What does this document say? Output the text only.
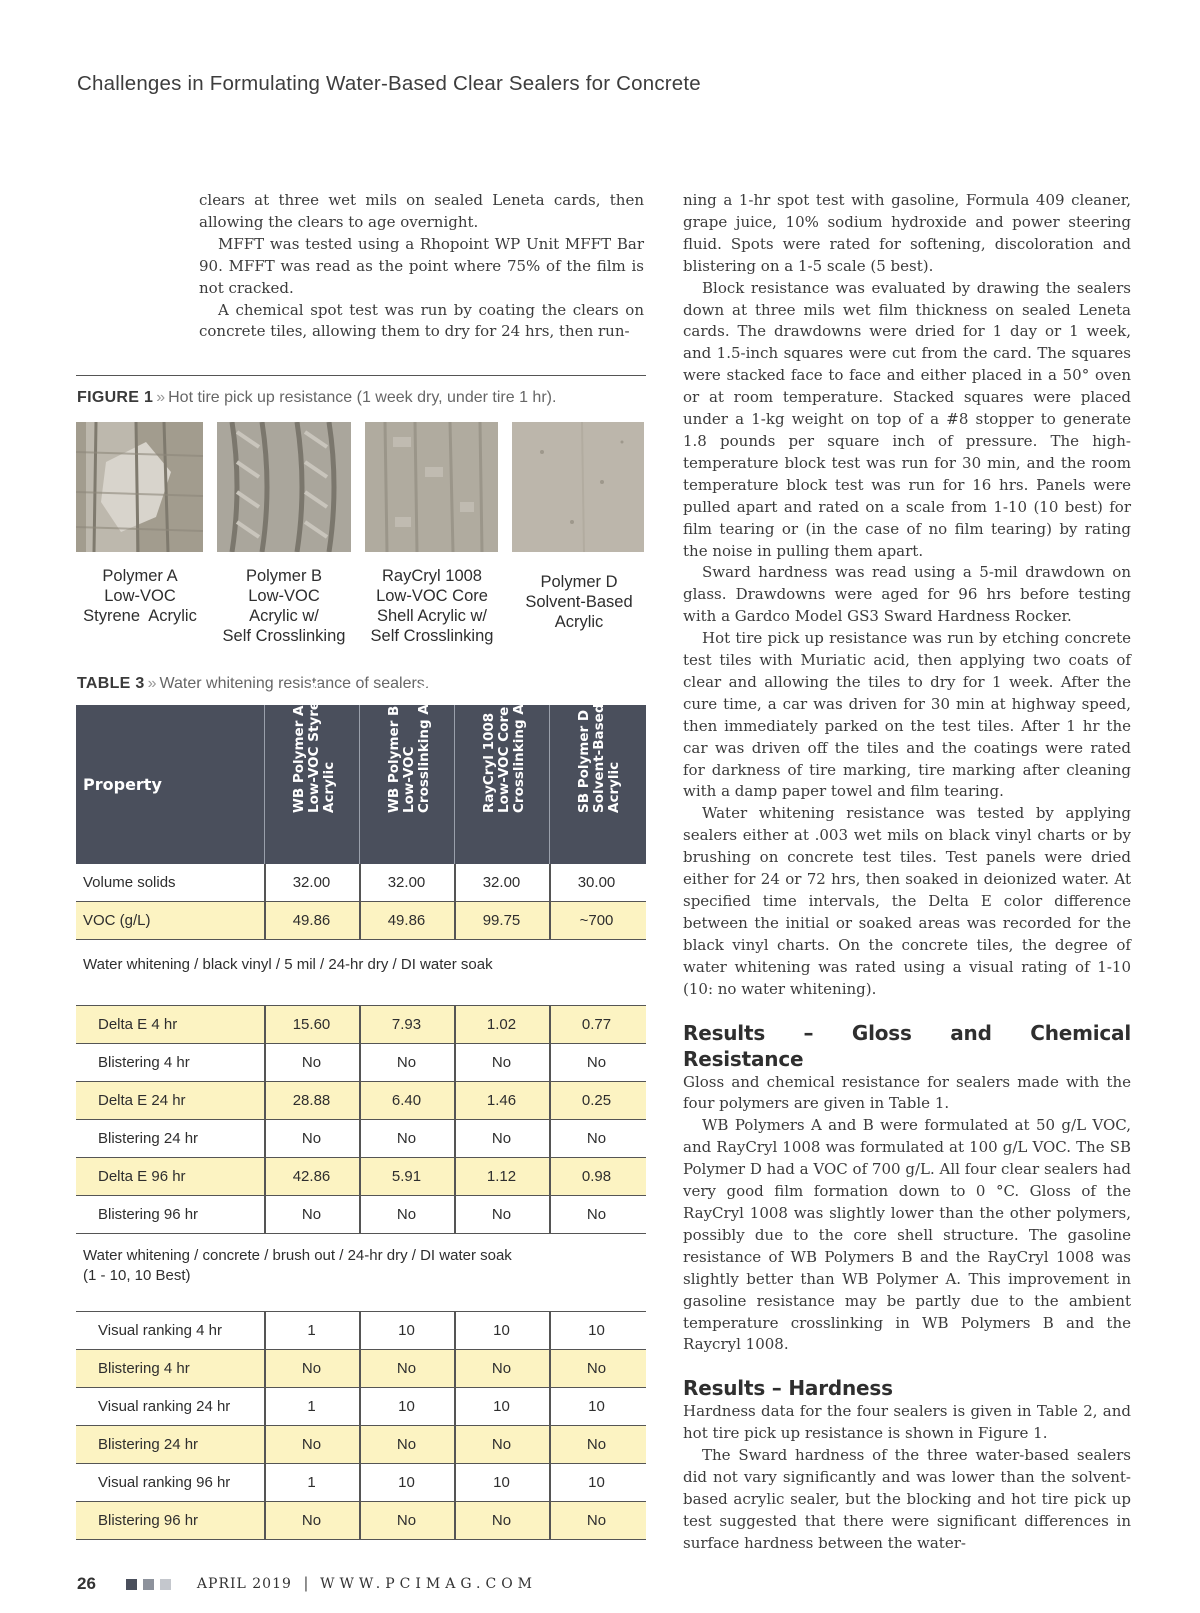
Challenges in Formulating Water-Based Clear Sealers for Concrete

clears at three wet mils on sealed Leneta cards, then allowing the clears to age overnight.

MFFT was tested using a Rhopoint WP Unit MFFT Bar 90. MFFT was read as the point where 75% of the film is not cracked.

A chemical spot test was run by coating the clears on concrete tiles, allowing them to dry for 24 hrs, then run-

FIGURE 1 » Hot tire pick up resistance (1 week dry, under tire 1 hr).
Polymer A
Low-VOC
Styrene  Acrylic
Polymer B
Low-VOC
Acrylic w/
Self Crosslinking
RayCryl 1008
Low-VOC Core
Shell Acrylic w/
Self Crosslinking
Polymer D
Solvent-Based
Acrylic
TABLE 3 » Water whitening resistance of sealers.
Property	WB Polymer A Low-VOC Styrene Acrylic	WB Polymer B Low-VOC Crosslinking Acrylic	RayCryl 1008 Low-VOC Core Shell Crosslinking Acrylic	SB Polymer D Solvent-Based Acrylic
Volume solids	32.00	32.00	32.00	30.00
VOC (g/L)	49.86	49.86	99.75	~700
Water whitening / black vinyl / 5 mil / 24-hr dry / DI water soak
Delta E 4 hr	15.60	7.93	1.02	0.77
Blistering 4 hr	No	No	No	No
Delta E 24 hr	28.88	6.40	1.46	0.25
Blistering 24 hr	No	No	No	No
Delta E 96 hr	42.86	5.91	1.12	0.98
Blistering 96 hr	No	No	No	No
Water whitening / concrete / brush out / 24-hr dry / DI water soak
(1 - 10, 10 Best)
Visual ranking 4 hr	1	10	10	10
Blistering 4 hr	No	No	No	No
Visual ranking 24 hr	1	10	10	10
Blistering 24 hr	No	No	No	No
Visual ranking 96 hr	1	10	10	10
Blistering 96 hr	No	No	No	No

ning a 1-hr spot test with gasoline, Formula 409 cleaner, grape juice, 10% sodium hydroxide and power steering fluid. Spots were rated for softening, discoloration and blistering on a 1-5 scale (5 best).

Block resistance was evaluated by drawing the sealers down at three mils wet film thickness on sealed Leneta cards. The drawdowns were dried for 1 day or 1 week, and 1.5-inch squares were cut from the card. The squares were stacked face to face and either placed in a 50° oven or at room temperature. Stacked squares were placed under a 1-kg weight on top of a #8 stopper to generate 1.8 pounds per square inch of pressure. The high-temperature block test was run for 30 min, and the room temperature block test was run for 16 hrs. Panels were pulled apart and rated on a scale from 1-10 (10 best) for film tearing or (in the case of no film tearing) by rating the noise in pulling them apart.

Sward hardness was read using a 5-mil drawdown on glass. Drawdowns were aged for 96 hrs before testing with a Gardco Model GS3 Sward Hardness Rocker.

Hot tire pick up resistance was run by etching concrete test tiles with Muriatic acid, then applying two coats of clear and allowing the tiles to dry for 1 week. After the cure time, a car was driven for 30 min at highway speed, then immediately parked on the test tiles. After 1 hr the car was driven off the tiles and the coatings were rated for darkness of tire marking, tire marking after cleaning with a damp paper towel and film tearing.

Water whitening resistance was tested by applying sealers either at .003 wet mils on black vinyl charts or by brushing on concrete test tiles. Test panels were dried either for 24 or 72 hrs, then soaked in deionized water. At specified time intervals, the Delta E color difference between the initial or soaked areas was recorded for the black vinyl charts. On the concrete tiles, the degree of water whitening was rated using a visual rating of 1-10 (10: no water whitening).

Results – Gloss and Chemical Resistance

Gloss and chemical resistance for sealers made with the four polymers are given in Table 1.

WB Polymers A and B were formulated at 50 g/L VOC, and RayCryl 1008 was formulated at 100 g/L VOC. The SB Polymer D had a VOC of 700 g/L. All four clear sealers had very good film formation down to 0 °C. Gloss of the RayCryl 1008 was slightly lower than the other polymers, possibly due to the core shell structure. The gasoline resistance of WB Polymers B and the RayCryl 1008 was slightly better than WB Polymer A. This improvement in gasoline resistance may be partly due to the ambient temperature crosslinking in WB Polymers B and the Raycryl 1008.

Results – Hardness

Hardness data for the four sealers is given in Table 2, and hot tire pick up resistance is shown in Figure 1.

The Sward hardness of the three water-based sealers did not vary significantly and was lower than the solvent-based acrylic sealer, but the blocking and hot tire pick up test suggested that there were significant differences in surface hardness between the water-

26	APRIL 2019 | WWW.PCIMAG.COM
